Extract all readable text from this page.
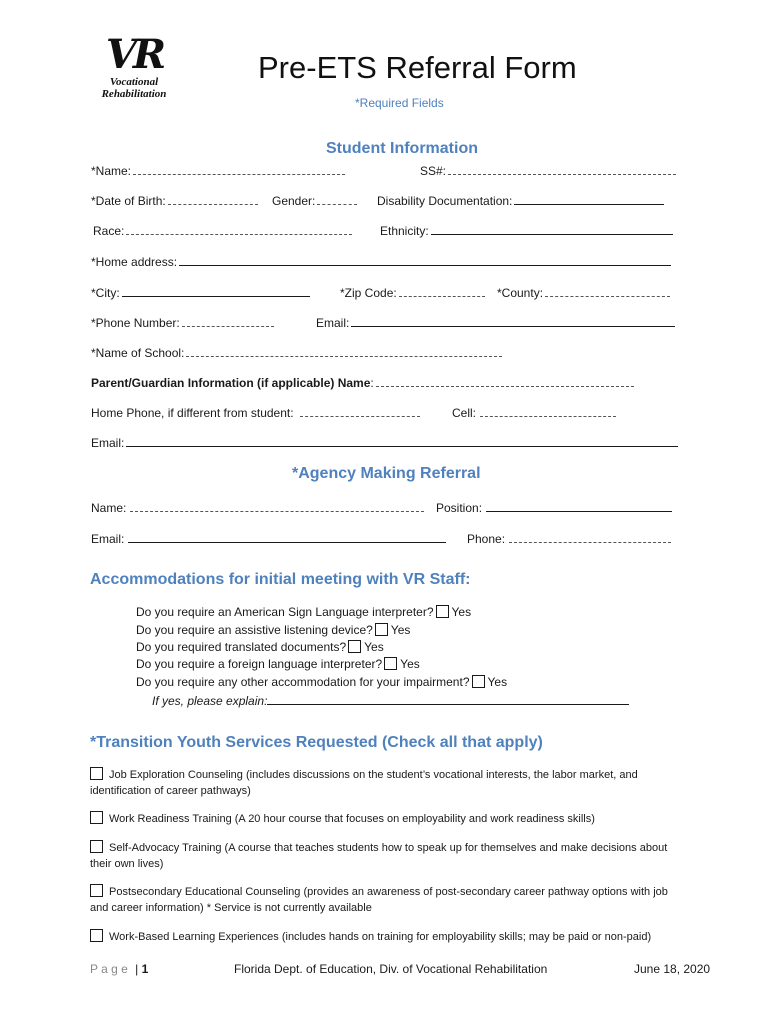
VR
Vocational
Rehabilitation
Pre-ETS Referral Form
*Required Fields
Student Information
*Name:	SS#:
*Date of Birth:	Gender:	Disability Documentation:
Race:	Ethnicity:
*Home address:
*City:	*Zip Code:	*County:
*Phone Number:	Email:
*Name of School:
Parent/Guardian Information (if applicable) Name:
Home Phone, if different from student:	Cell:
Email:
*Agency Making Referral
Name:	Position:
Email:	Phone:
Accommodations for initial meeting with VR Staff:
Do you require an American Sign Language interpreter? Yes
Do you require an assistive listening device? Yes
Do you required translated documents? Yes
Do you require a foreign language interpreter? Yes
Do you require any other accommodation for your impairment? Yes
If yes, please explain:
*Transition Youth Services Requested (Check all that apply)
Job Exploration Counseling (includes discussions on the student’s vocational interests, the labor market, and
identification of career pathways)
Work Readiness Training (A 20 hour course that focuses on employability and work readiness skills)
Self-Advocacy Training (A course that teaches students how to speak up for themselves and make decisions about
their own lives)
Postsecondary Educational Counseling (provides an awareness of post-secondary career pathway options with job
and career information) * Service is not currently available
Work-Based Learning Experiences (includes hands on training for employability skills; may be paid or non-paid)
P a g e | 1	Florida Dept. of Education, Div. of Vocational Rehabilitation	June 18, 2020
